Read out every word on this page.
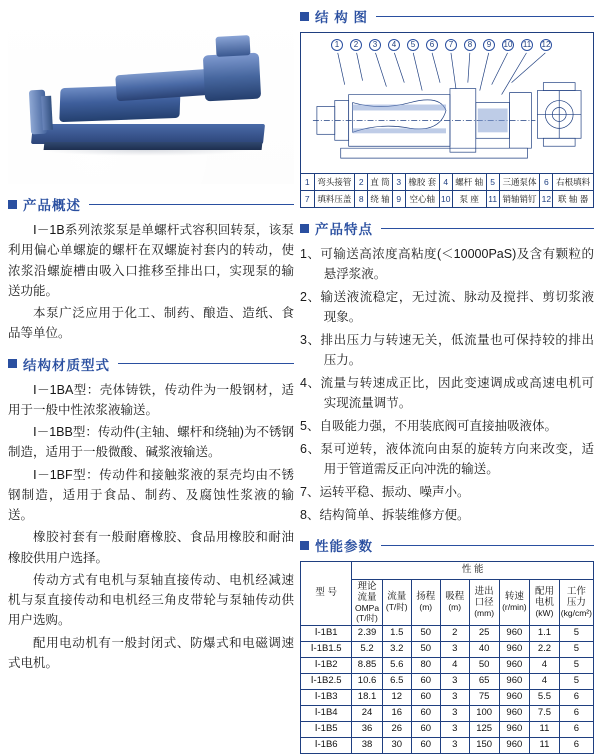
产品概述

Ⅰ－1B系列浓浆泵是单螺杆式容积回转泵，该泵利用偏心单螺旋的螺杆在双螺旋衬套内的转动，使浓浆沿螺旋槽由吸入口推移至排出口，实现泵的输送功能。

本泵广泛应用于化工、制药、酿造、造纸、食品等单位。

结构材质型式

Ⅰ－1BA型：壳体铸铁，传动件为一般钢材，适用于一般中性浓浆液输送。

Ⅰ－1BB型：传动件(主轴、螺杆和绕轴)为不锈钢制造，适用于一般微酸、碱浆液输送。

Ⅰ－1BF型：传动件和接触浆液的泵壳均由不锈钢制造，适用于食品、制药、及腐蚀性浆液的输送。

橡胶衬套有一般耐磨橡胶、食品用橡胶和耐油橡胶供用户选择。

传动方式有电机与泵轴直接传动、电机经减速机与泵直接传动和电机经三角皮带轮与泵轴传动供用户选购。

配用电动机有一般封闭式、防爆式和电磁调速式电机。

结 构 图
1	2	3	4	5	6	7	8	9	10 11 12
1	弯头接管	2	直 筒	3	橡胶 套	4	螺杆 轴	5	三通泵体	6	右根填料
7	填料压盖	8	绕 轴	9	空心轴	10	泵 座	11	销轴销钉	12	联 轴 器
产品特点
1、可输送高浓度高粘度(＜10000PaS)及含有颗粒的悬浮浆液。
2、输送液流稳定，无过流、脉动及搅拌、剪切浆液现象。
3、排出压力与转速无关，低流量也可保持较的排出压力。
4、流量与转速成正比，因此变速调成或高速电机可实现流量调节。
5、自吸能力强，不用装底阀可直接抽吸液体。
6、泵可逆转，液体流向由泵的旋转方向来改变，适用于管道需反正向冲洗的输送。
7、运转平稳、振动、噪声小。
8、结构简单、拆装维修方便。
性能参数
型 号	性 能							

理论流量
OMPa
(T/时)

流量
(T/时)

扬程
(m)

吸程
(m)

进出
口径
(mm)

转速
(r/min)

配用
电机
(kW)

工作
压力
(kg/cm²)

Ⅰ-1B1	2.39	1.5	50	2	25	960	1.1	5
Ⅰ-1B1.5	5.2	3.2	50	3	40	960	2.2	5
Ⅰ-1B2	8.85	5.6	80	4	50	960	4	5
Ⅰ-1B2.5	10.6	6.5	60	3	65	960	4	5
Ⅰ-1B3	18.1	12	60	3	75	960	5.5	6
Ⅰ-1B4	24	16	60	3	100	960	7.5	6
Ⅰ-1B5	36	26	60	3	125	960	11	6
Ⅰ-1B6	38	30	60	3	150	960	11	6
